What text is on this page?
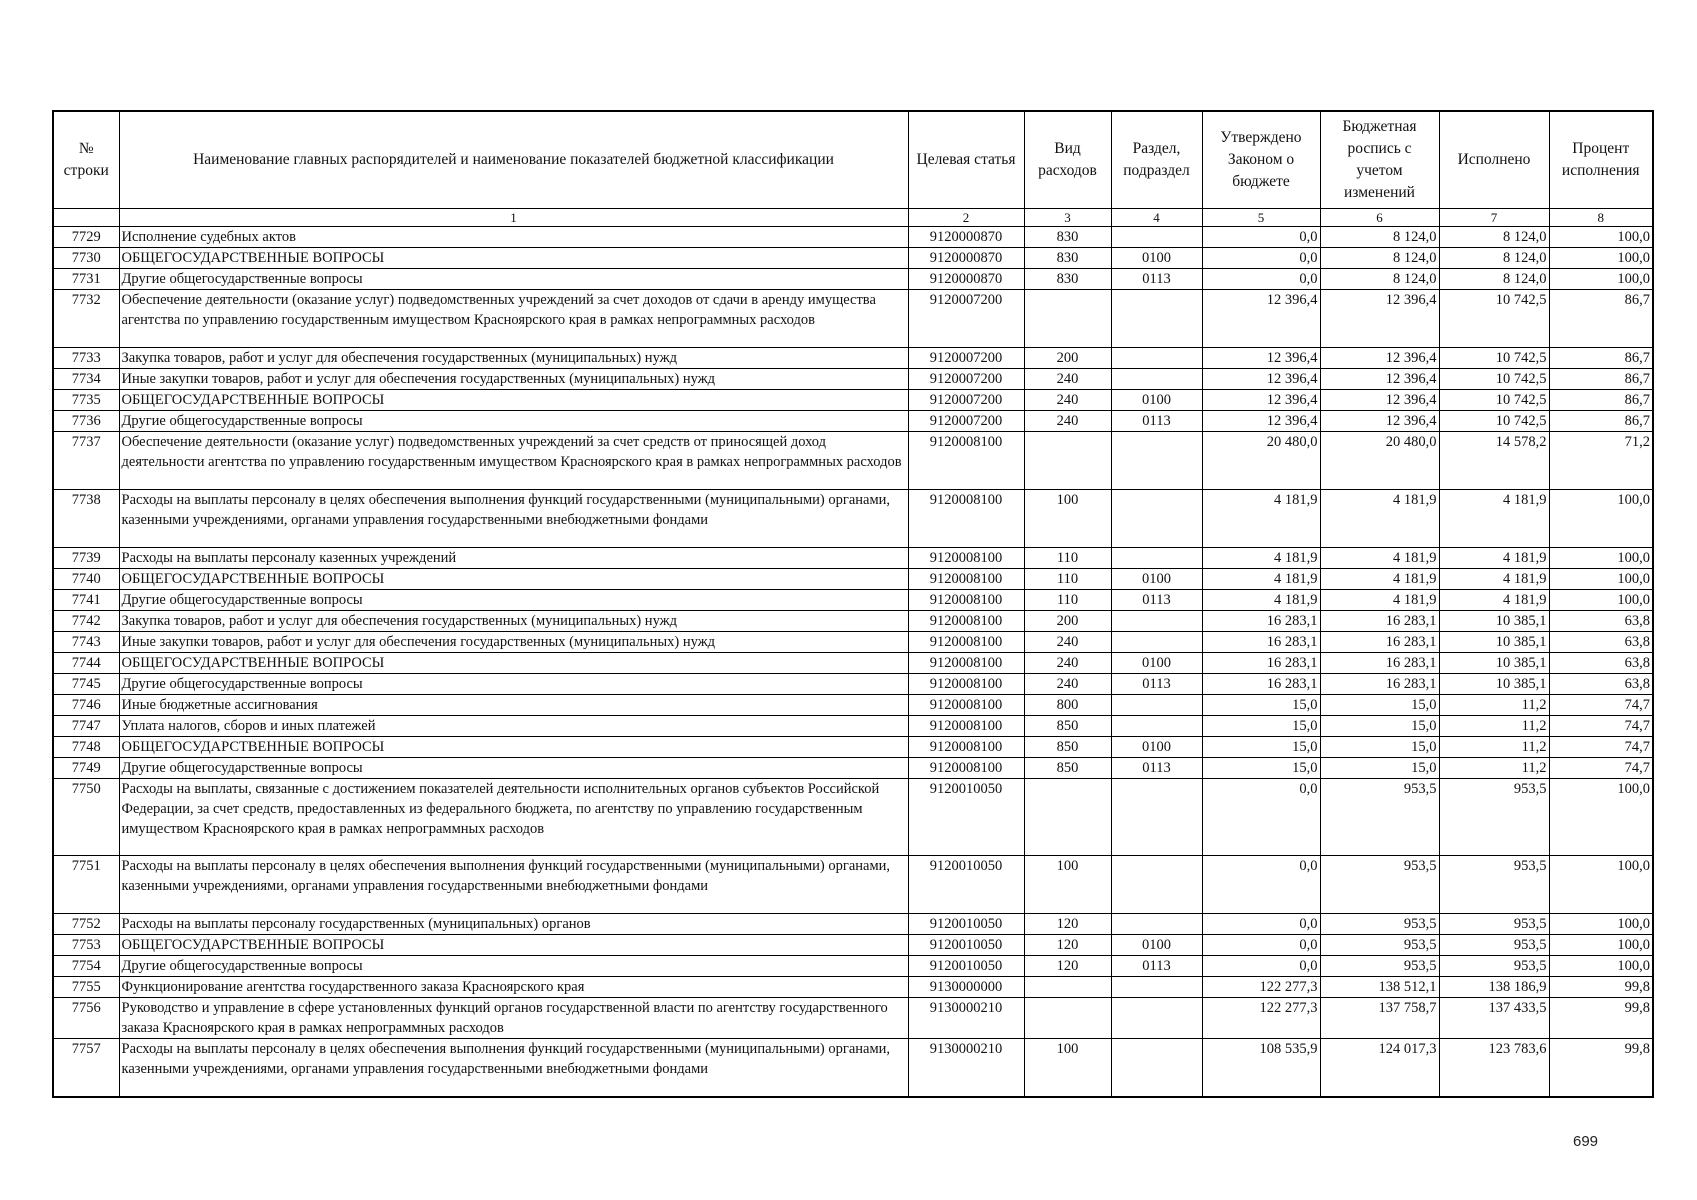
№ строки	Наименование главных распорядителей и наименование показателей бюджетной классификации	Целевая статья	Вид расходов	Раздел, подраздел	Утверждено Законом о бюджете	Бюджетная роспись с учетом изменений	Исполнено	Процент исполнения
	1	2	3	4	5	6	7	8
7729	Исполнение судебных актов	9120000870	830		0,0	8 124,0	8 124,0	100,0
7730	ОБЩЕГОСУДАРСТВЕННЫЕ ВОПРОСЫ	9120000870	830	0100	0,0	8 124,0	8 124,0	100,0
7731	Другие общегосударственные вопросы	9120000870	830	0113	0,0	8 124,0	8 124,0	100,0
7732	Обеспечение деятельности (оказание услуг) подведомственных учреждений за счет доходов от сдачи в аренду имущества агентства по управлению государственным имуществом Красноярского края в рамках непрограммных расходов	9120007200			12 396,4	12 396,4	10 742,5	86,7
7733	Закупка товаров, работ и услуг для обеспечения государственных (муниципальных) нужд	9120007200	200		12 396,4	12 396,4	10 742,5	86,7
7734	Иные закупки товаров, работ и услуг для обеспечения государственных (муниципальных) нужд	9120007200	240		12 396,4	12 396,4	10 742,5	86,7
7735	ОБЩЕГОСУДАРСТВЕННЫЕ ВОПРОСЫ	9120007200	240	0100	12 396,4	12 396,4	10 742,5	86,7
7736	Другие общегосударственные вопросы	9120007200	240	0113	12 396,4	12 396,4	10 742,5	86,7
7737	Обеспечение деятельности (оказание услуг) подведомственных учреждений за счет средств от приносящей доход деятельности агентства по управлению государственным имуществом Красноярского края в рамках непрограммных расходов	9120008100			20 480,0	20 480,0	14 578,2	71,2
7738	Расходы на выплаты персоналу в целях обеспечения выполнения функций государственными (муниципальными) органами, казенными учреждениями, органами управления государственными внебюджетными фондами	9120008100	100		4 181,9	4 181,9	4 181,9	100,0
7739	Расходы на выплаты персоналу казенных учреждений	9120008100	110		4 181,9	4 181,9	4 181,9	100,0
7740	ОБЩЕГОСУДАРСТВЕННЫЕ ВОПРОСЫ	9120008100	110	0100	4 181,9	4 181,9	4 181,9	100,0
7741	Другие общегосударственные вопросы	9120008100	110	0113	4 181,9	4 181,9	4 181,9	100,0
7742	Закупка товаров, работ и услуг для обеспечения государственных (муниципальных) нужд	9120008100	200		16 283,1	16 283,1	10 385,1	63,8
7743	Иные закупки товаров, работ и услуг для обеспечения государственных (муниципальных) нужд	9120008100	240		16 283,1	16 283,1	10 385,1	63,8
7744	ОБЩЕГОСУДАРСТВЕННЫЕ ВОПРОСЫ	9120008100	240	0100	16 283,1	16 283,1	10 385,1	63,8
7745	Другие общегосударственные вопросы	9120008100	240	0113	16 283,1	16 283,1	10 385,1	63,8
7746	Иные бюджетные ассигнования	9120008100	800		15,0	15,0	11,2	74,7
7747	Уплата налогов, сборов и иных платежей	9120008100	850		15,0	15,0	11,2	74,7
7748	ОБЩЕГОСУДАРСТВЕННЫЕ ВОПРОСЫ	9120008100	850	0100	15,0	15,0	11,2	74,7
7749	Другие общегосударственные вопросы	9120008100	850	0113	15,0	15,0	11,2	74,7
7750	Расходы на выплаты, связанные с достижением показателей деятельности исполнительных органов субъектов Российской Федерации, за счет средств, предоставленных из федерального бюджета, по агентству по управлению государственным имуществом Красноярского края в рамках непрограммных расходов	9120010050			0,0	953,5	953,5	100,0
7751	Расходы на выплаты персоналу в целях обеспечения выполнения функций государственными (муниципальными) органами, казенными учреждениями, органами управления государственными внебюджетными фондами	9120010050	100		0,0	953,5	953,5	100,0
7752	Расходы на выплаты персоналу государственных (муниципальных) органов	9120010050	120		0,0	953,5	953,5	100,0
7753	ОБЩЕГОСУДАРСТВЕННЫЕ ВОПРОСЫ	9120010050	120	0100	0,0	953,5	953,5	100,0
7754	Другие общегосударственные вопросы	9120010050	120	0113	0,0	953,5	953,5	100,0
7755	Функционирование агентства государственного заказа Красноярского края	9130000000			122 277,3	138 512,1	138 186,9	99,8
7756	Руководство и управление в сфере установленных функций органов государственной власти по агентству государственного заказа Красноярского края в рамках непрограммных расходов	9130000210			122 277,3	137 758,7	137 433,5	99,8
7757	Расходы на выплаты персоналу в целях обеспечения выполнения функций государственными (муниципальными) органами, казенными учреждениями, органами управления государственными внебюджетными фондами	9130000210	100		108 535,9	124 017,3	123 783,6	99,8
699
